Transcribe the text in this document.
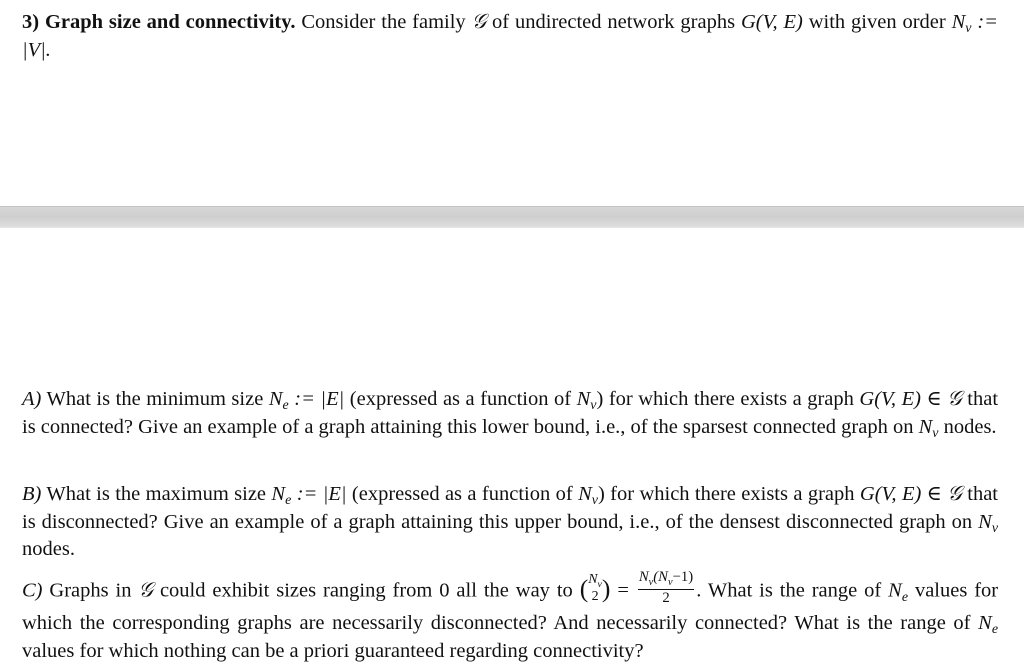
3) Graph size and connectivity. Consider the family 𝒢 of undirected network graphs G(V, E) with given order $N_v$ := |V|.

A) What is the minimum size $N_e$ := |E| (expressed as a function of $N_v$) for which there exists a graph G(V, E) ∈ 𝒢 that is connected? Give an example of a graph attaining this lower bound, i.e., of the sparsest connected graph on $N_v$ nodes.

B) What is the maximum size $N_e$ := |E| (expressed as a function of $N_v$) for which there exists a graph G(V, E) ∈ 𝒢 that is disconnected? Give an example of a graph attaining this upper bound, i.e., of the densest disconnected graph on $N_v$ nodes.

C) Graphs in 𝒢 could exhibit sizes ranging from 0 all the way to ( $N_v$
2 ) = $\frac{N_v(N_v-1)}{2}$ . What is the range of $N_e$ values for which the corresponding graphs are necessarily disconnected? And necessarily connected? What is the range of $N_e$ values for which nothing can be a priori guaranteed regarding connectivity?
